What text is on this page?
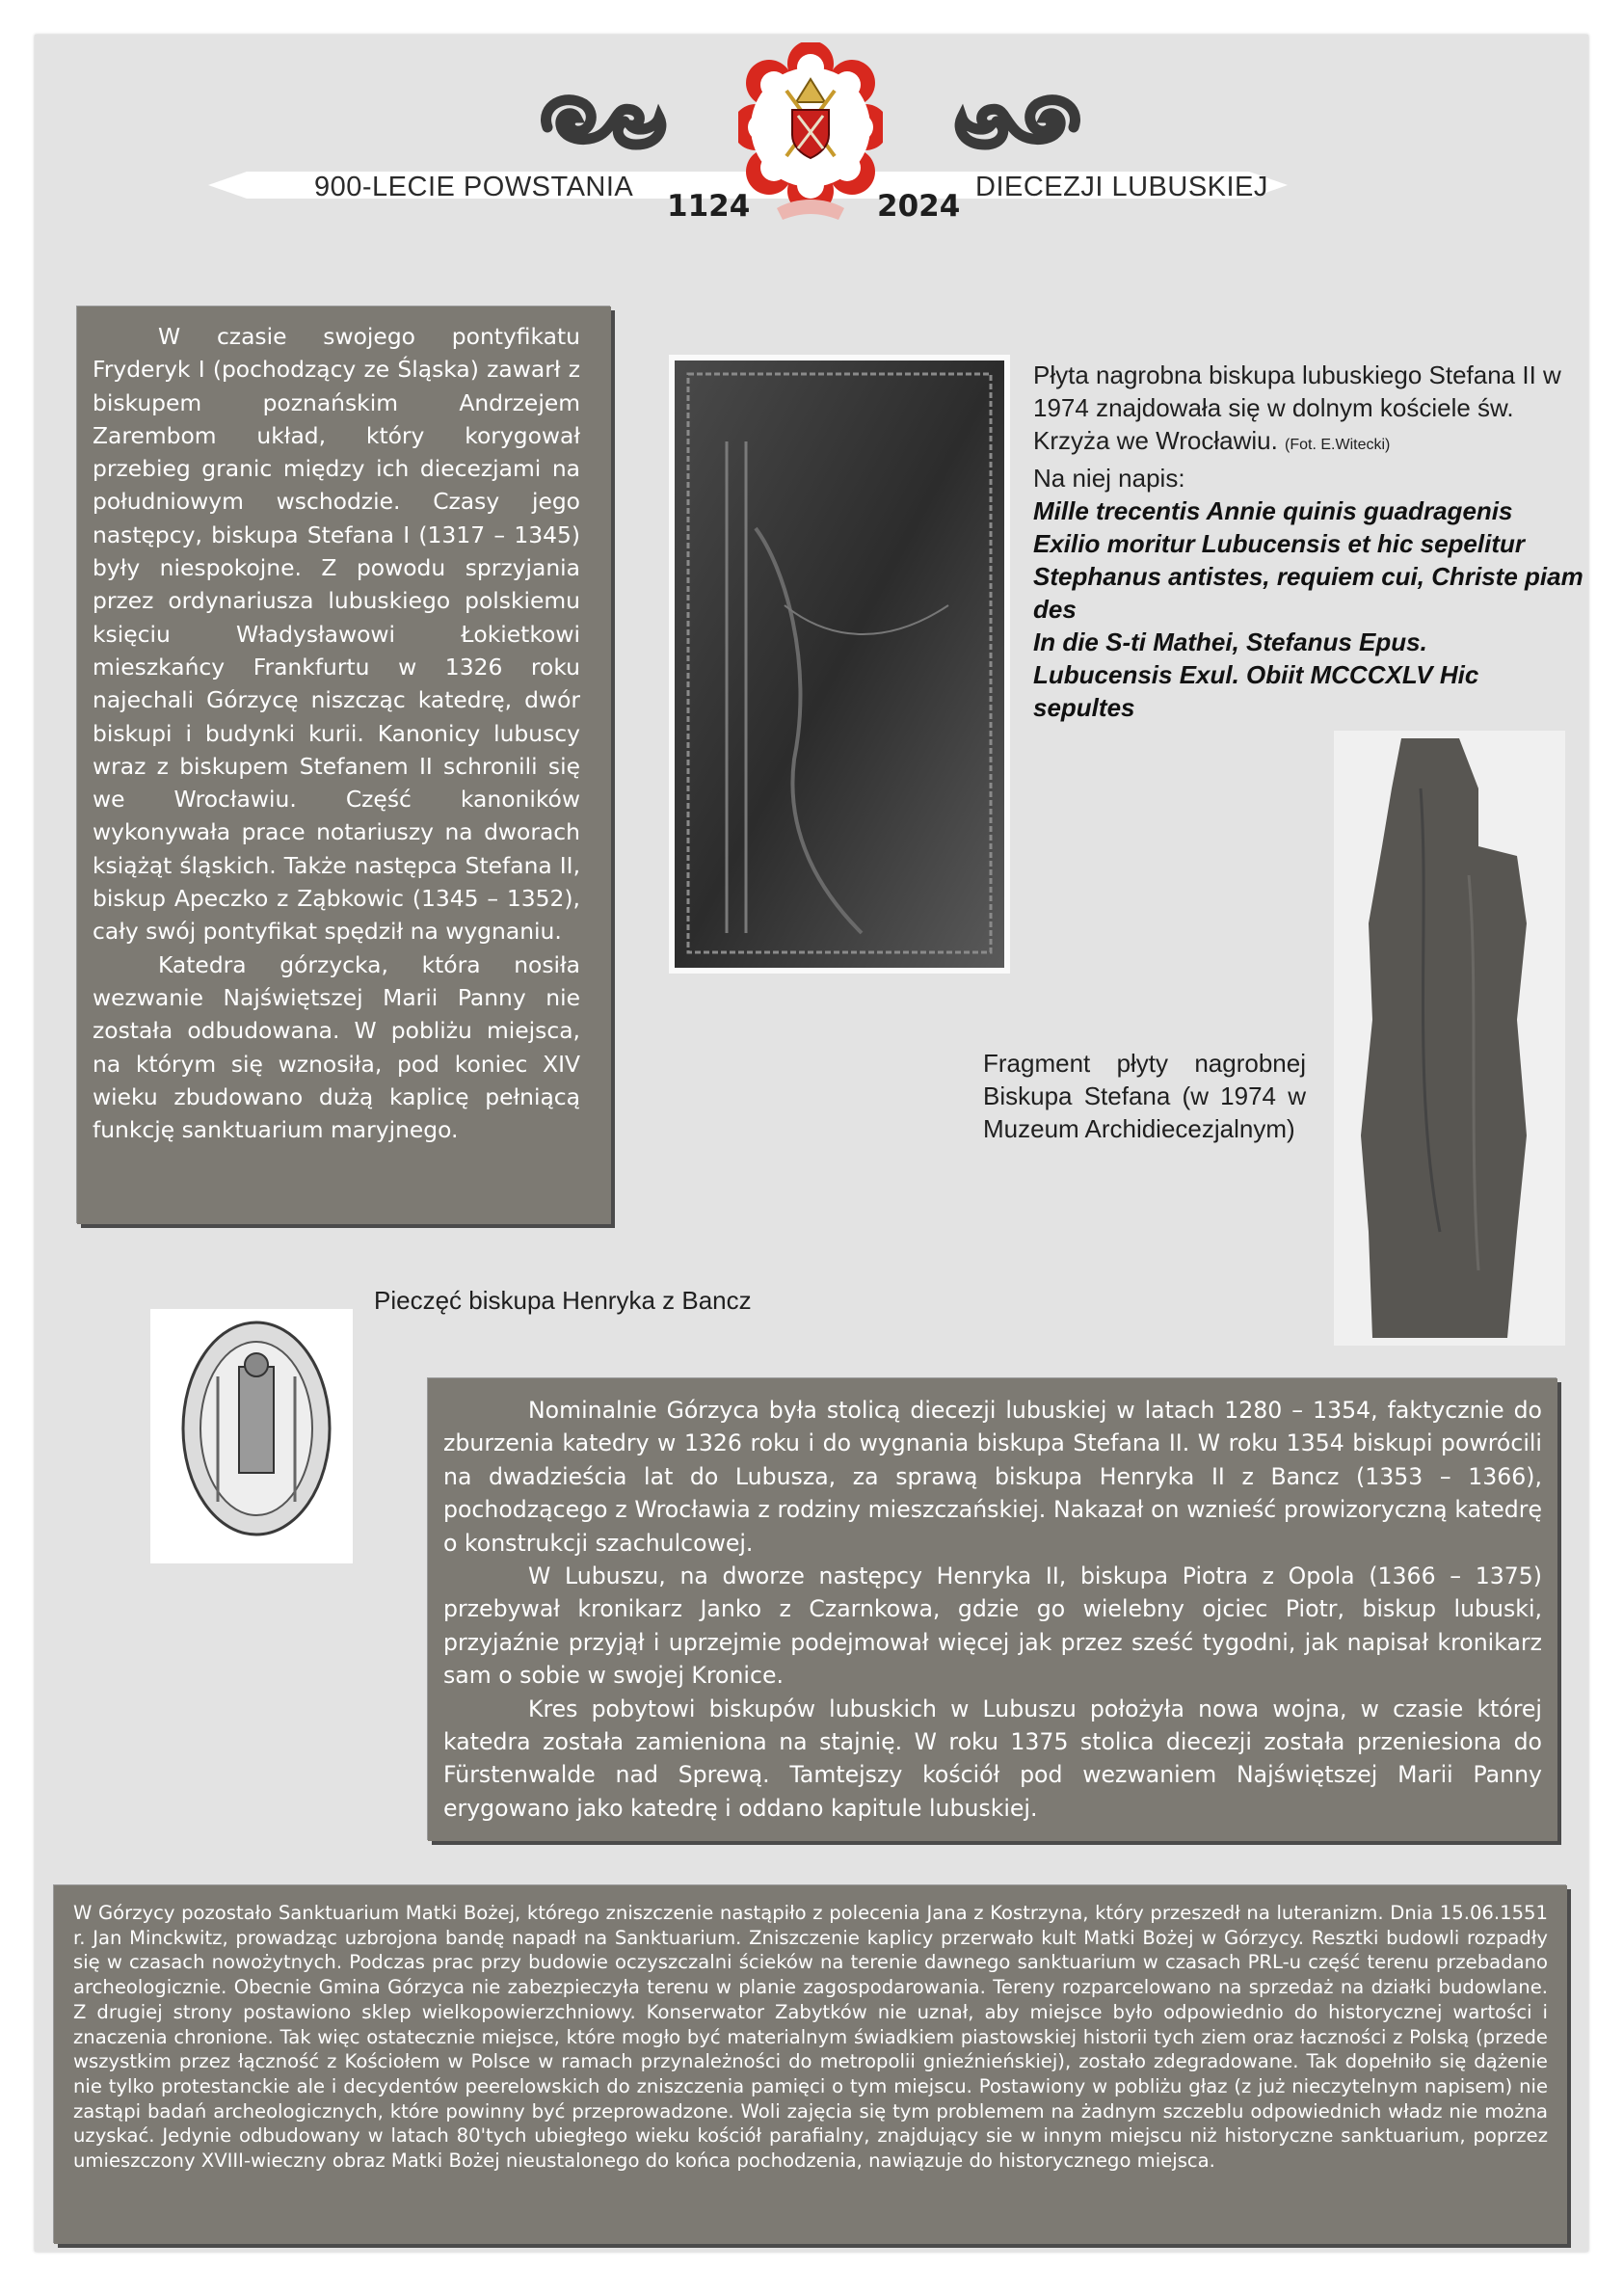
900-LECIE POWSTANIA
1124	2024
DIECEZJI LUBUSKIEJ

W czasie swojego pontyfikatu Fryderyk I (pochodzący ze Śląska) zawarł z biskupem poznańskim Andrzejem Zarembom układ, który korygował przebieg granic między ich diecezjami na południowym wschodzie. Czasy jego następcy, biskupa Stefana I (1317 – 1345) były niespokojne. Z powodu sprzyjania przez ordynariusza lubuskiego polskiemu księciu Władysławowi Łokietkowi mieszkańcy Frankfurtu w 1326 roku najechali Górzycę niszcząc katedrę, dwór biskupi i budynki kurii. Kanonicy lubuscy wraz z biskupem Stefanem II schronili się we Wrocławiu. Część kanoników wykonywała prace notariuszy na dworach książąt śląskich. Także następca Stefana II, biskup Apeczko z Ząbkowic (1345 – 1352), cały swój pontyfikat spędził na wygnaniu.

Katedra górzycka, która nosiła wezwanie Najświętszej Marii Panny nie została odbudowana. W pobliżu miejsca, na którym się wznosiła, pod koniec XIV wieku zbudowano dużą kaplicę pełniącą funkcję sanktuarium maryjnego.

Płyta nagrobna biskupa lubuskiego Stefana II w 1974 znajdowała się w dolnym kościele św. Krzyża we Wrocławiu. (Fot. E.Witecki)
Na niej napis:
Mille trecentis Annie quinis guadragenis
Exilio moritur Lubucensis et hic sepelitur
Stephanus antistes, requiem cui, Christe piam des
In die S-ti Mathei, Stefanus Epus.
Lubucensis Exul. Obiit MCCCXLV Hic sepultes
Fragment płyty nagrobnej Biskupa Stefana (w 1974 w Muzeum Archidiecezjalnym)
Pieczęć biskupa Henryka z Bancz

Nominalnie Górzyca była stolicą diecezji lubuskiej w latach 1280 – 1354, faktycznie do zburzenia katedry w 1326 roku i do wygnania biskupa Stefana II. W roku 1354 biskupi powrócili na dwadzieścia lat do Lubusza, za sprawą biskupa Henryka II z Bancz (1353 – 1366), pochodzącego z Wrocławia z rodziny mieszczańskiej. Nakazał on wznieść prowizoryczną katedrę o konstrukcji szachulcowej.

W Lubuszu, na dworze następcy Henryka II, biskupa Piotra z Opola (1366 – 1375) przebywał kronikarz Janko z Czarnkowa, gdzie go wielebny ojciec Piotr, biskup lubuski, przyjaźnie przyjął i uprzejmie podejmował więcej jak przez sześć tygodni, jak napisał kronikarz sam o sobie w swojej Kronice.

Kres pobytowi biskupów lubuskich w Lubuszu położyła nowa wojna, w czasie której katedra została zamieniona na stajnię. W roku 1375 stolica diecezji została przeniesiona do Fürstenwalde nad Sprewą. Tamtejszy kościół pod wezwaniem Najświętszej Marii Panny erygowano jako katedrę i oddano kapitule lubuskiej.

W Górzycy pozostało Sanktuarium Matki Bożej, którego zniszczenie nastąpiło z polecenia Jana z Kostrzyna, który przeszedł na luteranizm. Dnia 15.06.1551 r. Jan Minckwitz, prowadząc uzbrojona bandę napadł na Sanktuarium. Zniszczenie kaplicy przerwało kult Matki Bożej w Górzycy. Resztki budowli rozpadły się w czasach nowożytnych. Podczas prac przy budowie oczyszczalni ścieków na terenie dawnego sanktuarium w czasach PRL-u część terenu przebadano archeologicznie. Obecnie Gmina Górzyca nie zabezpieczyła terenu w planie zagospodarowania. Tereny rozparcelowano na sprzedaż na działki budowlane. Z drugiej strony postawiono sklep wielkopowierzchniowy. Konserwator Zabytków nie uznał, aby miejsce było odpowiednio do historycznej wartości i znaczenia chronione. Tak więc ostatecznie miejsce, które mogło być materialnym świadkiem piastowskiej historii tych ziem oraz łaczności z Polską (przede wszystkim przez łączność z Kościołem w Polsce w ramach przynależności do metropolii gnieźnieńskiej), zostało zdegradowane. Tak dopełniło się dążenie nie tylko protestanckie ale i decydentów peerelowskich do zniszczenia pamięci o tym miejscu. Postawiony w pobliżu głaz (z już nieczytelnym napisem) nie zastąpi badań archeologicznych, które powinny być przeprowadzone. Woli zajęcia się tym problemem na żadnym szczeblu odpowiednich władz nie można uzyskać. Jedynie odbudowany w latach 80'tych ubiegłego wieku kościół parafialny, znajdujący sie w innym miejscu niż historyczne sanktuarium, poprzez umieszczony XVIII-wieczny obraz Matki Bożej nieustalonego do końca pochodzenia, nawiązuje do historycznego miejsca.
